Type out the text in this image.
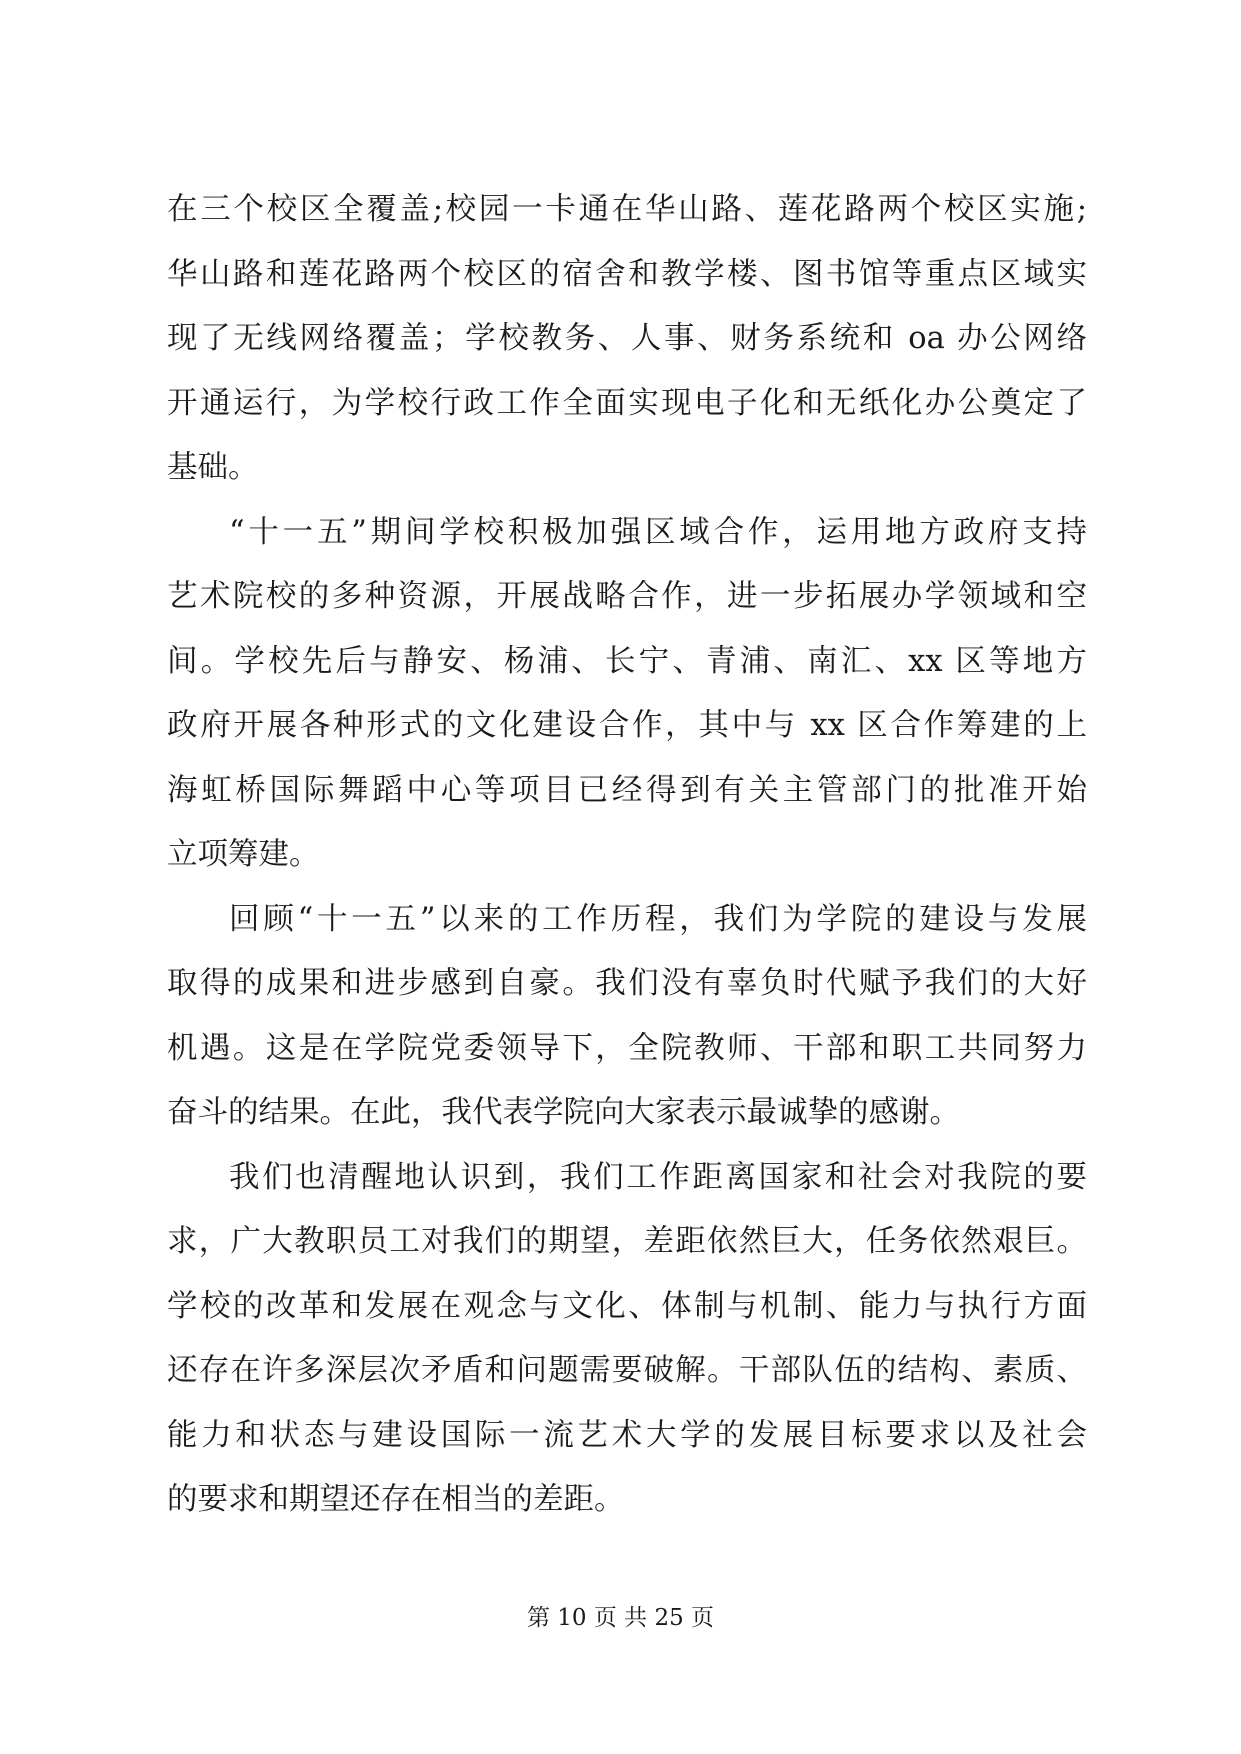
在三个校区全覆盖;校园一卡通在华山路、莲花路两个校区实施;
华山路和莲花路两个校区的宿舍和教学楼、图书馆等重点区域实
现了无线网络覆盖；学校教务、人事、财务系统和 oa 办公网络
开通运行，为学校行政工作全面实现电子化和无纸化办公奠定了
基础。
“十一五”期间学校积极加强区域合作，运用地方政府支持
艺术院校的多种资源，开展战略合作，进一步拓展办学领域和空
间。学校先后与静安、杨浦、长宁、青浦、南汇、xx 区等地方
政府开展各种形式的文化建设合作，其中与 xx 区合作筹建的上
海虹桥国际舞蹈中心等项目已经得到有关主管部门的批准开始
立项筹建。
回顾“十一五”以来的工作历程，我们为学院的建设与发展
取得的成果和进步感到自豪。我们没有辜负时代赋予我们的大好
机遇。这是在学院党委领导下，全院教师、干部和职工共同努力
奋斗的结果。在此，我代表学院向大家表示最诚挚的感谢。
我们也清醒地认识到，我们工作距离国家和社会对我院的要
求，广大教职员工对我们的期望，差距依然巨大，任务依然艰巨。
学校的改革和发展在观念与文化、体制与机制、能力与执行方面
还存在许多深层次矛盾和问题需要破解。干部队伍的结构、素质、
能力和状态与建设国际一流艺术大学的发展目标要求以及社会
的要求和期望还存在相当的差距。
第 10 页 共 25 页
